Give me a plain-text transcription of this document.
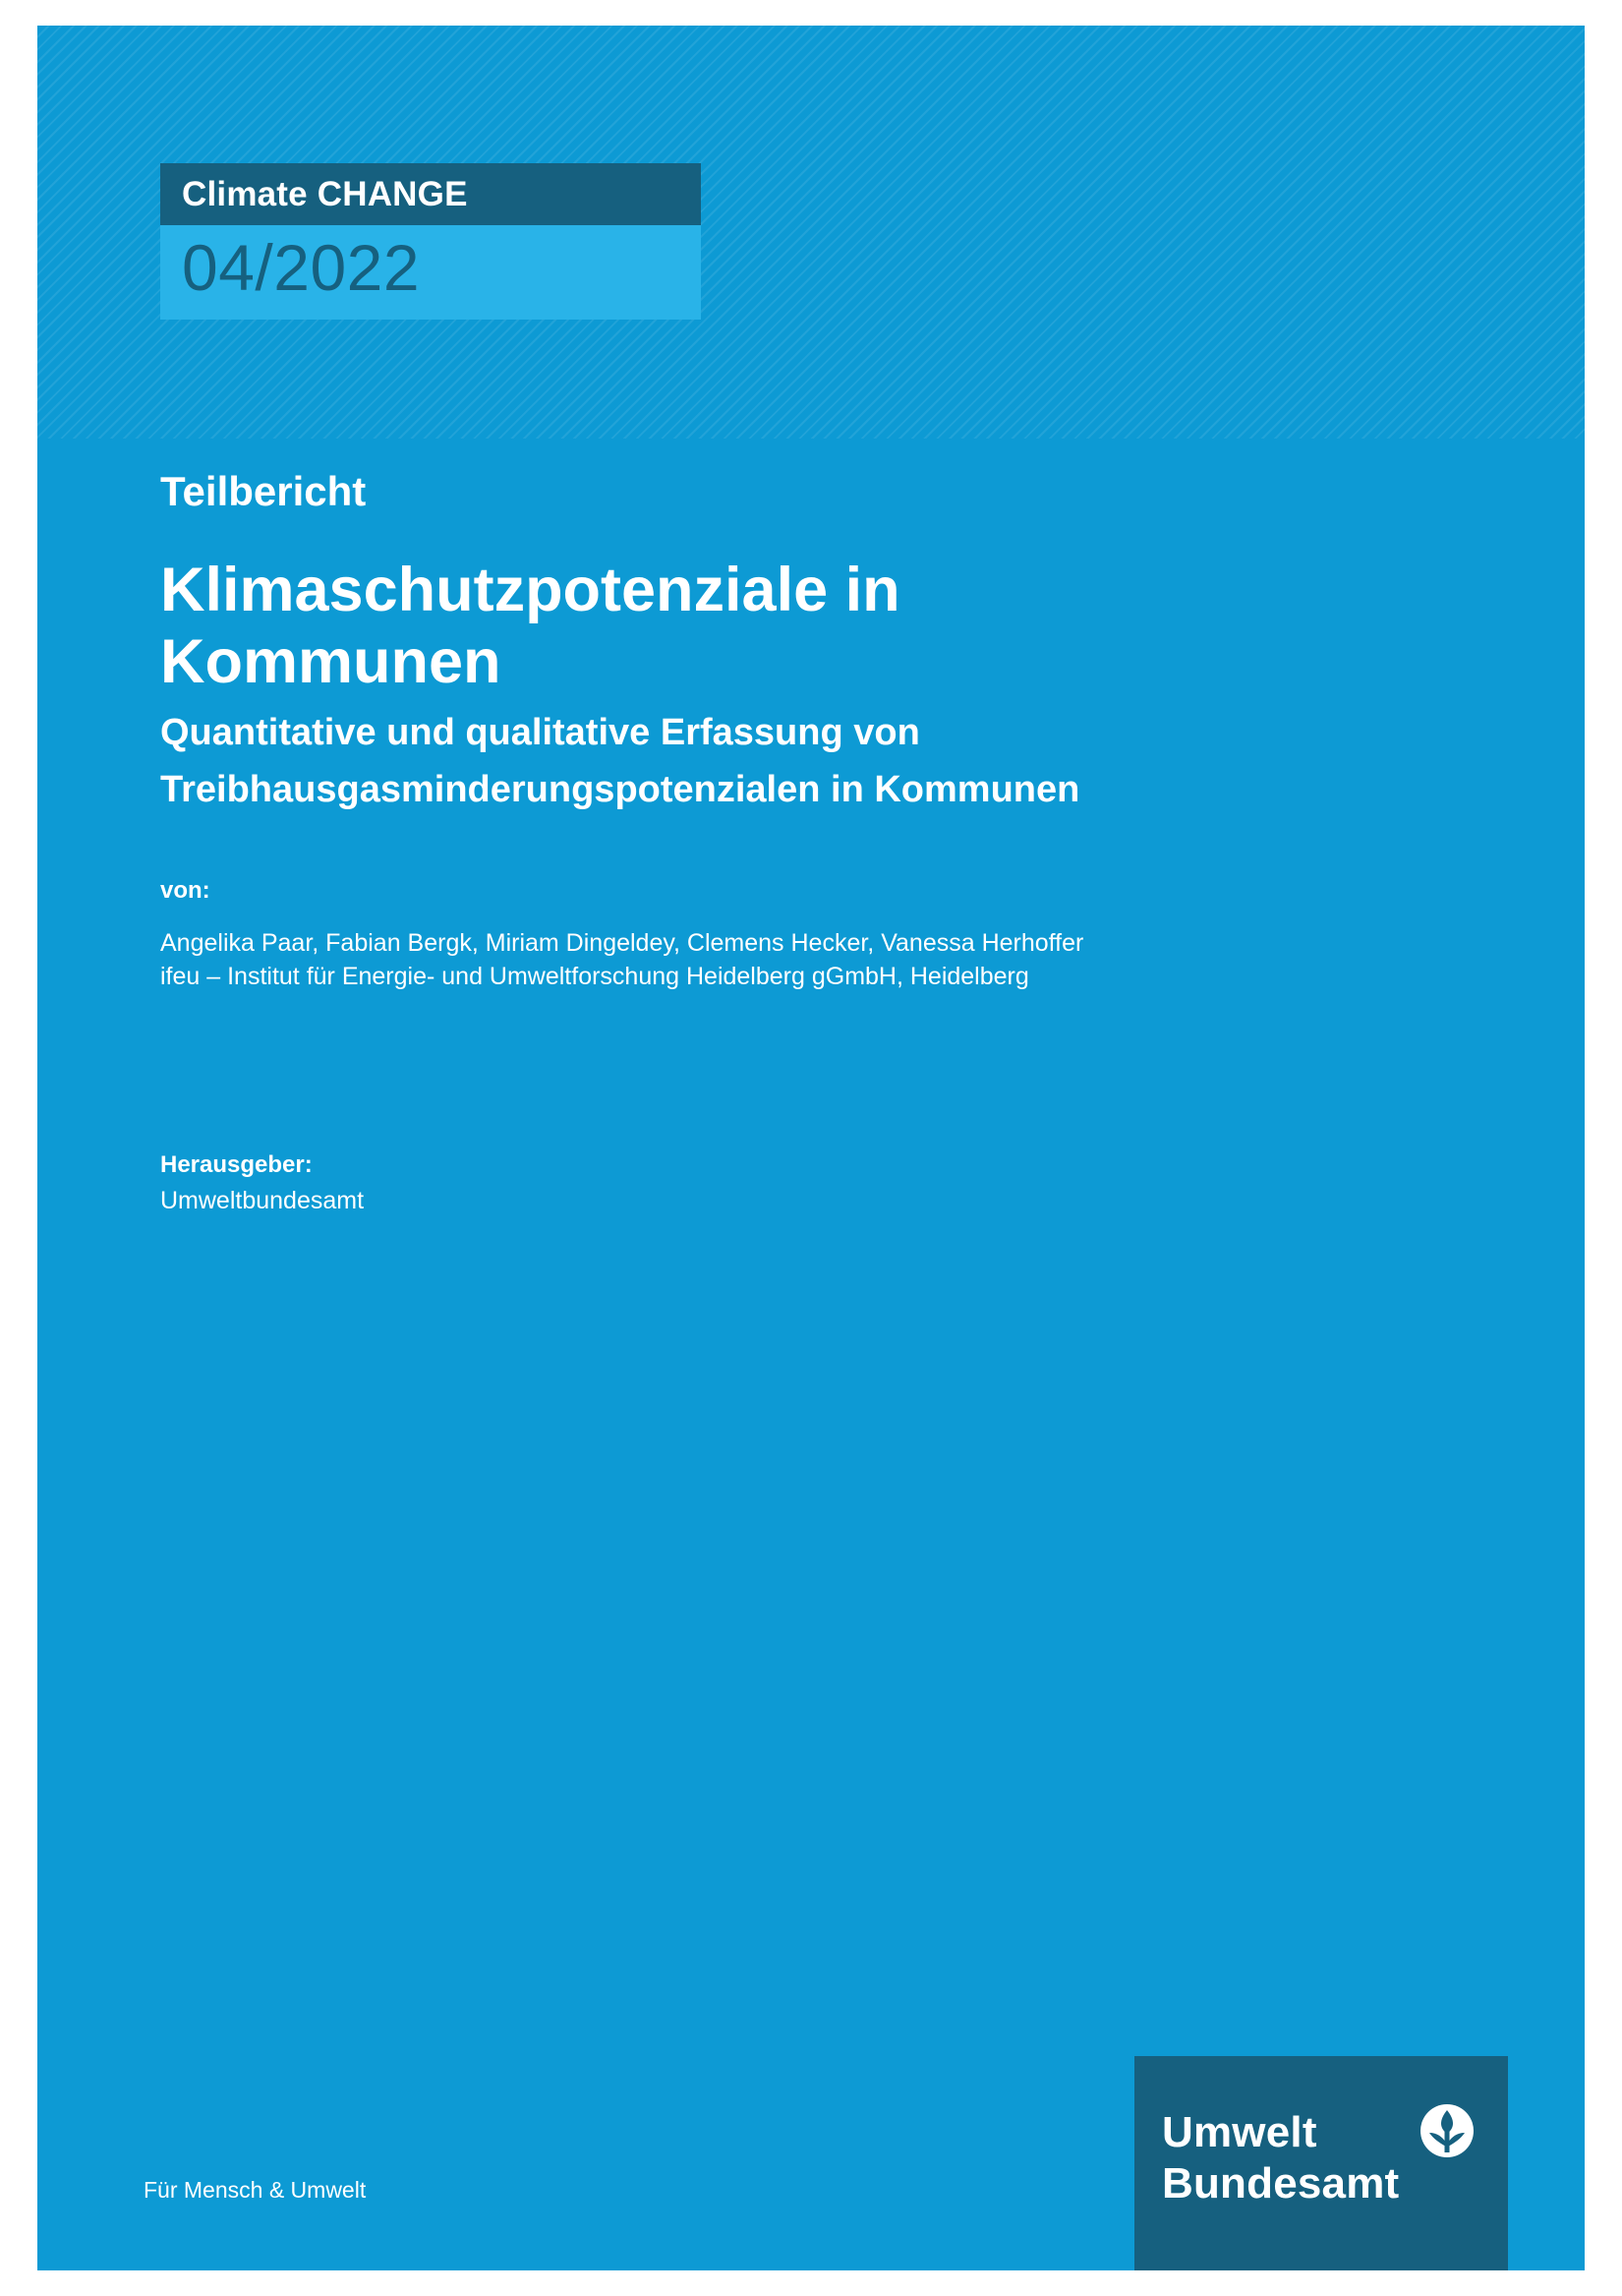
Climate CHANGE
04/2022
Teilbericht
Klimaschutzpotenziale in Kommunen
Quantitative und qualitative Erfassung von
Treibhausgasminderungspotenzialen in Kommunen
von:
Angelika Paar, Fabian Bergk, Miriam Dingeldey, Clemens Hecker, Vanessa Herhoffer
ifeu – Institut für Energie- und Umweltforschung Heidelberg gGmbH, Heidelberg
Herausgeber:
Umweltbundesamt
Für Mensch & Umwelt
Umwelt
Bundesamt
